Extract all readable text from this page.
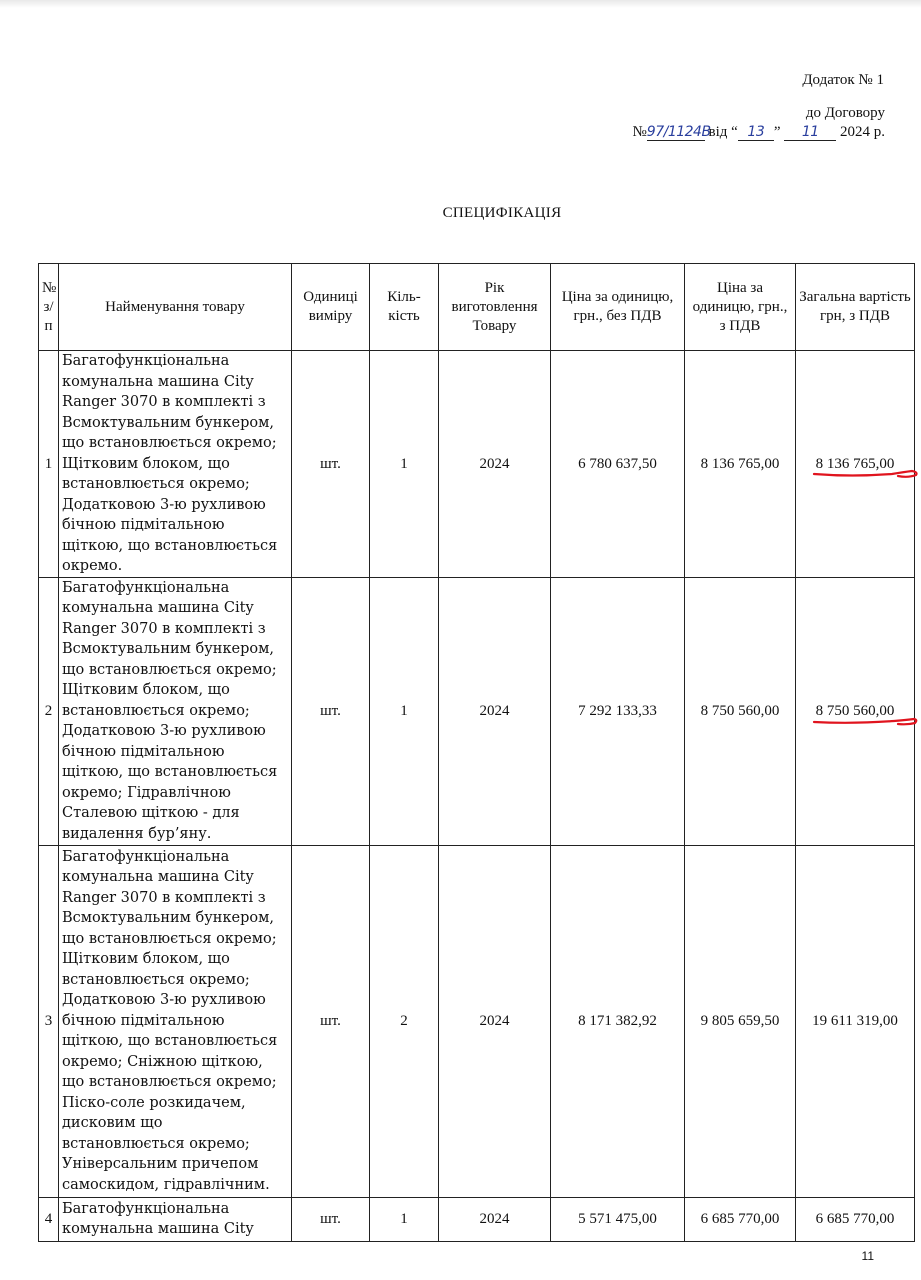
Додаток № 1
до Договору
№97/1124В від “ 13 ” 11 2024 р.
СПЕЦИФІКАЦІЯ
№ з/п	Найменування товару	Одиниці виміру	Кіль-кість	Рік виготовлення Товару	Ціна за одиницю, грн., без ПДВ	Ціна за одиницю, грн., з ПДВ	Загальна вартість грн, з ПДВ
1	Багатофункціональна комунальна машина City Ranger 3070 в комплекті з Всмоктувальним бункером, що встановлюється окремо; Щітковим блоком, що встановлюється окремо; Додатковою 3-ю рухливою бічною підмітальною щіткою, що встановлюється окремо.	шт.	1	2024	6 780 637,50	8 136 765,00	8 136 765,00

2	Багатофункціональна комунальна машина City Ranger 3070 в комплекті з Всмоктувальним бункером, що встановлюється окремо; Щітковим блоком, що встановлюється окремо; Додатковою 3-ю рухливою бічною підмітальною щіткою, що встановлюється окремо; Гідравлічною Сталевою щіткою - для видалення бур’яну.	шт.	1	2024	7 292 133,33	8 750 560,00	8 750 560,00

3	Багатофункціональна комунальна машина City Ranger 3070 в комплекті з Всмоктувальним бункером, що встановлюється окремо; Щітковим блоком, що встановлюється окремо; Додатковою 3-ю рухливою бічною підмітальною щіткою, що встановлюється окремо; Сніжною щіткою, що встановлюється окремо; Піско-соле розкидачем, дисковим що встановлюється окремо; Універсальним причепом самоскидом, гідравлічним.	шт.	2	2024	8 171 382,92	9 805 659,50	19 611 319,00
4	Багатофункціональна комунальна машина City	шт.	1	2024	5 571 475,00	6 685 770,00	6 685 770,00
11
